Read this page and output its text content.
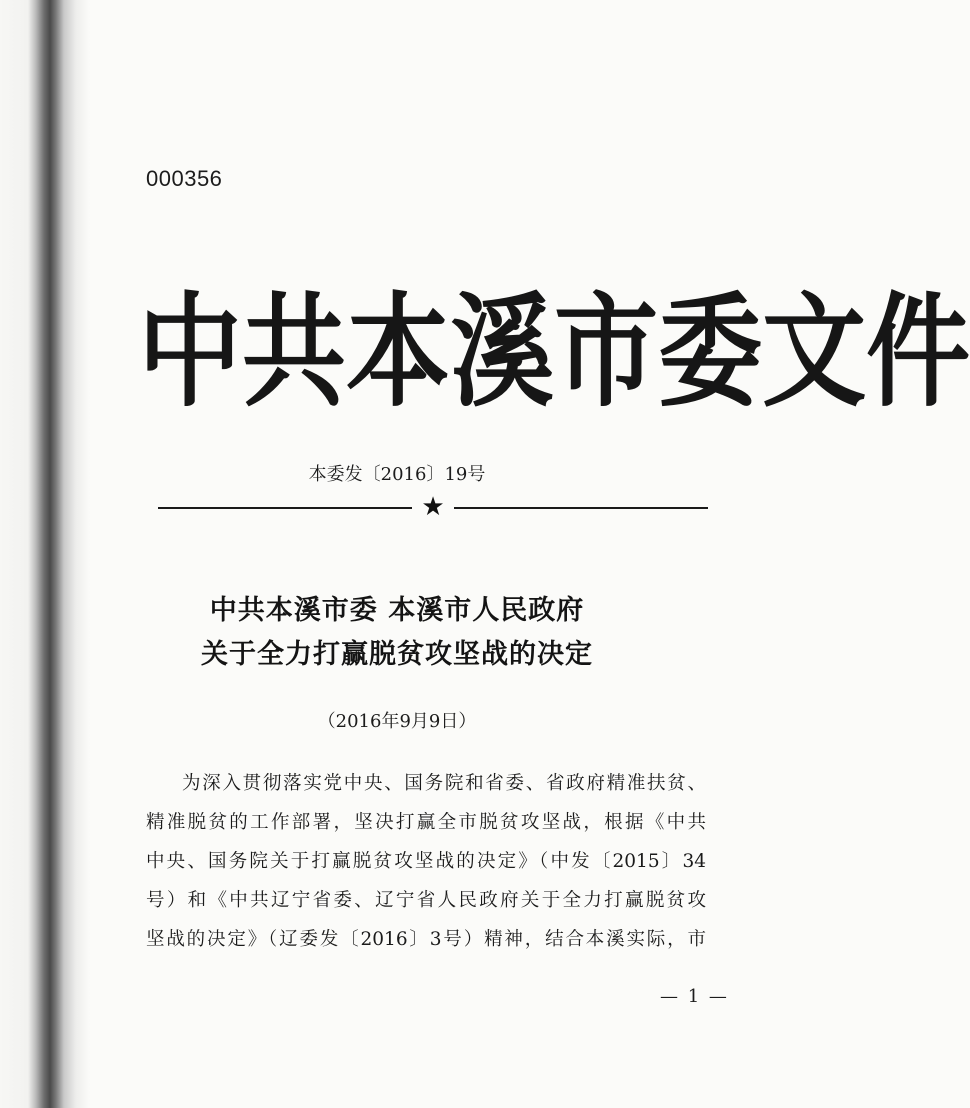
000356
中 共 本 溪 市 委 文 件
本委发〔2016〕19号
★
中共本溪市委 本溪市人民政府
关于全力打赢脱贫攻坚战的决定
（2016年9月9日）
为深入贯彻落实党中央、国务院和省委、省政府精准扶贫、
精准脱贫的工作部署，坚决打赢全市脱贫攻坚战，根据《中共
中央、国务院关于打赢脱贫攻坚战的决定》（中发〔2015〕34
号）和《中共辽宁省委、辽宁省人民政府关于全力打赢脱贫攻
坚战的决定》（辽委发〔2016〕3号）精神，结合本溪实际，市
— 1 —
